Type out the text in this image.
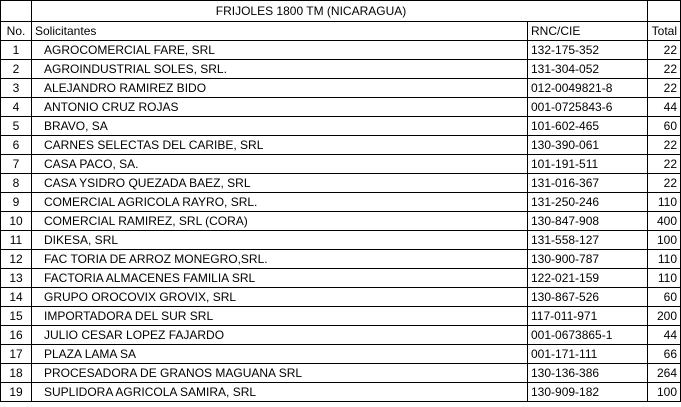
	FRIJOLES 1800 TM (NICARAGUA)		
No.	Solicitantes	RNC/CIE	Total
1	AGROCOMERCIAL FARE, SRL	132-175-352	22
2	AGROINDUSTRIAL SOLES, SRL.	131-304-052	22
3	ALEJANDRO RAMIREZ BIDO	012-0049821-8	22
4	ANTONIO CRUZ ROJAS	001-0725843-6	44
5	BRAVO, SA	101-602-465	60
6	CARNES SELECTAS DEL CARIBE, SRL	130-390-061	22
7	CASA PACO, SA.	101-191-511	22
8	CASA YSIDRO QUEZADA BAEZ, SRL	131-016-367	22
9	COMERCIAL AGRICOLA RAYRO, SRL.	131-250-246	110
10	COMERCIAL RAMIREZ, SRL (CORA)	130-847-908	400
11	DIKESA, SRL	131-558-127	100
12	FAC TORIA DE ARROZ MONEGRO,SRL.	130-900-787	110
13	FACTORIA ALMACENES FAMILIA SRL	122-021-159	110
14	GRUPO OROCOVIX GROVIX, SRL	130-867-526	60
15	IMPORTADORA DEL SUR SRL	117-011-971	200
16	JULIO CESAR LOPEZ FAJARDO	001-0673865-1	44
17	PLAZA LAMA SA	001-171-111	66
18	PROCESADORA DE GRANOS MAGUANA SRL	130-136-386	264
19	SUPLIDORA AGRICOLA SAMIRA, SRL	130-909-182	100
